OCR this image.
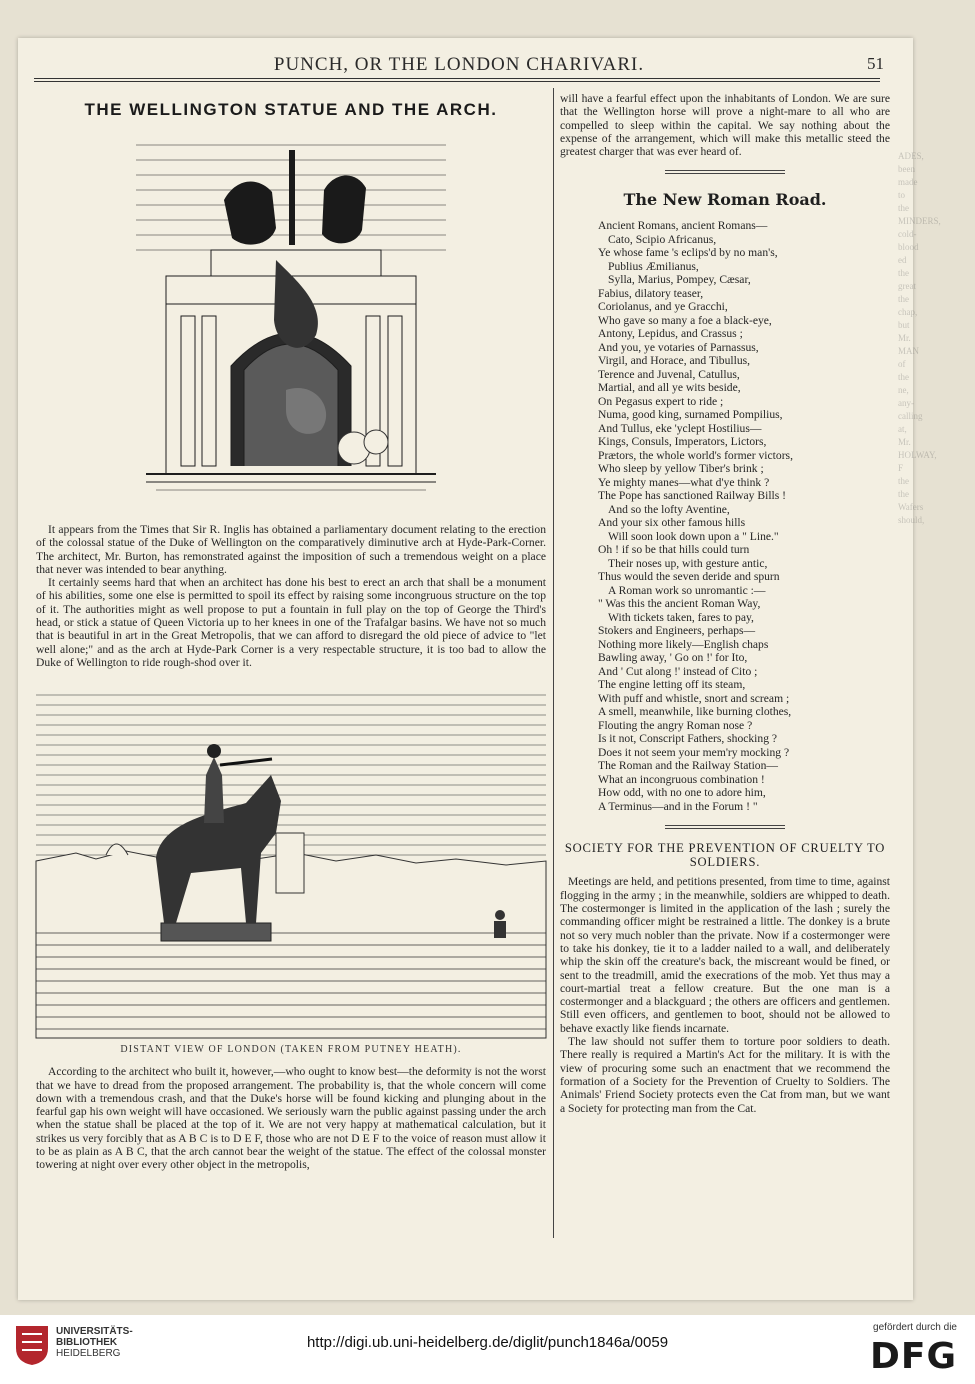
PUNCH, OR THE LONDON CHARIVARI.	51
THE WELLINGTON STATUE AND THE ARCH.

It appears from the Times that Sir R. Inglis has obtained a parliamentary document relating to the erection of the colossal statue of the Duke of Wellington on the comparatively diminutive arch at Hyde-Park-Corner. The architect, Mr. Burton, has remonstrated against the imposition of such a tremendous weight on a place that never was intended to bear anything.

It certainly seems hard that when an architect has done his best to erect an arch that shall be a monument of his abilities, some one else is permitted to spoil its effect by raising some incongruous structure on the top of it. The authorities might as well propose to put a fountain in full play on the top of George the Third's head, or stick a statue of Queen Victoria up to her knees in one of the Trafalgar basins. We have not so much that is beautiful in art in the Great Metropolis, that we can afford to disregard the old piece of advice to "let well alone;" and as the arch at Hyde-Park Corner is a very respectable structure, it is too bad to allow the Duke of Wellington to ride rough-shod over it.

DISTANT VIEW OF LONDON (TAKEN FROM PUTNEY HEATH).

According to the architect who built it, however,—who ought to know best—the deformity is not the worst that we have to dread from the proposed arrangement. The probability is, that the whole concern will come down with a tremendous crash, and that the Duke's horse will be found kicking and plunging about in the fearful gap his own weight will have occasioned. We seriously warn the public against passing under the arch when the statue shall be placed at the top of it. We are not very happy at mathematical calculation, but it strikes us very forcibly that as A B C is to D E F, those who are not D E F to the voice of reason must allow it to be as plain as A B C, that the arch cannot bear the weight of the statue. The effect of the colossal monster towering at night over every other object in the metropolis,

will have a fearful effect upon the inhabitants of London. We are sure that the Wellington horse will prove a night-mare to all who are compelled to sleep within the capital. We say nothing about the expense of the arrangement, which will make this metallic steed the greatest charger that was ever heard of.

The New Roman Road.
Ancient Romans, ancient Romans—
Cato, Scipio Africanus,
Ye whose fame 's eclips'd by no man's,
Publius Æmilianus,
Sylla, Marius, Pompey, Cæsar,
Fabius, dilatory teaser,
Coriolanus, and ye Gracchi,
Who gave so many a foe a black-eye,
Antony, Lepidus, and Crassus ;
And you, ye votaries of Parnassus,
Virgil, and Horace, and Tibullus,
Terence and Juvenal, Catullus,
Martial, and all ye wits beside,
On Pegasus expert to ride ;
Numa, good king, surnamed Pompilius,
And Tullus, eke 'yclept Hostilius—
Kings, Consuls, Imperators, Lictors,
Prætors, the whole world's former victors,
Who sleep by yellow Tiber's brink ;
Ye mighty manes—what d'ye think ?
The Pope has sanctioned Railway Bills !
And so the lofty Aventine,
And your six other famous hills
Will soon look down upon a " Line."
Oh ! if so be that hills could turn
Their noses up, with gesture antic,
Thus would the seven deride and spurn
A Roman work so unromantic :—
" Was this the ancient Roman Way,
With tickets taken, fares to pay,
Stokers and Engineers, perhaps—
Nothing more likely—English chaps
Bawling away, ' Go on !' for Ito,
And ' Cut along !' instead of Cito ;
The engine letting off its steam,
With puff and whistle, snort and scream ;
A smell, meanwhile, like burning clothes,
Flouting the angry Roman nose ?
Is it not, Conscript Fathers, shocking ?
Does it not seem your mem'ry mocking ?
The Roman and the Railway Station—
What an incongruous combination !
How odd, with no one to adore him,
A Terminus—and in the Forum ! "
SOCIETY FOR THE PREVENTION OF CRUELTY TO SOLDIERS.

Meetings are held, and petitions presented, from time to time, against flogging in the army ; in the meanwhile, soldiers are whipped to death. The costermonger is limited in the application of the lash ; surely the commanding officer might be restrained a little. The donkey is a brute not so very much nobler than the private. Now if a costermonger were to take his donkey, tie it to a ladder nailed to a wall, and deliberately whip the skin off the creature's back, the miscreant would be fined, or sent to the treadmill, amid the execrations of the mob. Yet thus may a court-martial treat a fellow creature. But the one man is a costermonger and a blackguard ; the others are officers and gentlemen. Still even officers, and gentlemen to boot, should not be allowed to behave exactly like fiends incarnate.

The law should not suffer them to torture poor soldiers to death. There really is required a Martin's Act for the military. It is with the view of procuring some such an enactment that we recommend the formation of a Society for the Prevention of Cruelty to Soldiers. The Animals' Friend Society protects even the Cat from man, but we want a Society for protecting man from the Cat.

ADES, been made to the MINDERS, cold-blood ed the great the chap, but Mr. MAN of the ne, any- calling at, Mr. HOLWAY, F the the Wafers should,
UNIVERSITÄTS-
BIBLIOTHEK
HEIDELBERG
http://digi.ub.uni-heidelberg.de/diglit/punch1846a/0059
gefördert durch die
DFG
